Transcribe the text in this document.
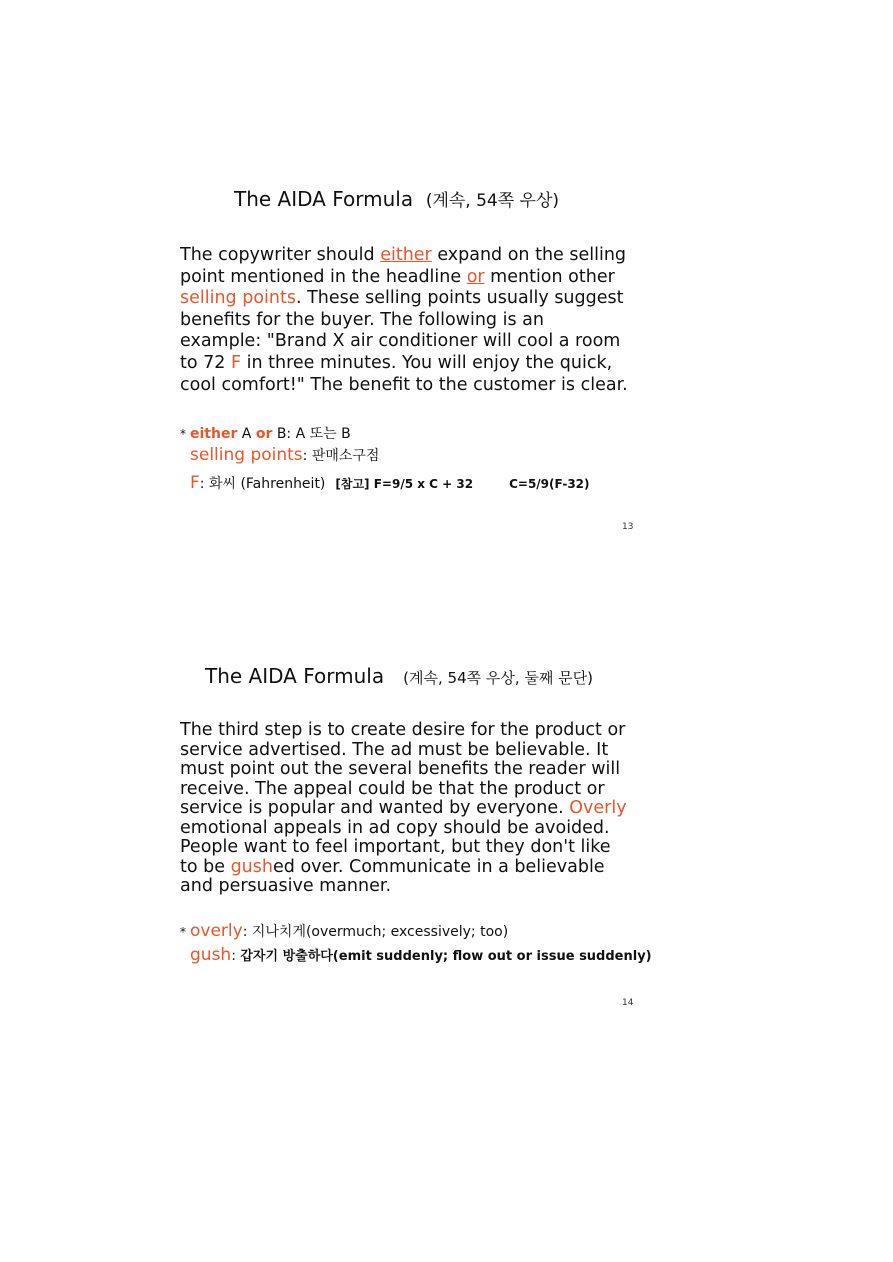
The AIDA Formula (계속, 54쪽 우상)
The copywriter should either expand on the selling point mentioned in the headline or mention other selling points. These selling points usually suggest benefits for the buyer. The following is an example: "Brand X air conditioner will cool a room to 72 F in three minutes. You will enjoy the quick, cool comfort!" The benefit to the customer is clear.
* either A or B: A 또는 B
selling points: 판매소구점
F: 화씨 (Fahrenheit) [참고] F=9/5 x C + 32	C=5/9(F-32)
13
The AIDA Formula (계속, 54쪽 우상, 둘째 문단)
The third step is to create desire for the product or service advertised. The ad must be believable. It must point out the several benefits the reader will receive. The appeal could be that the product or service is popular and wanted by everyone. Overly emotional appeals in ad copy should be avoided. People want to feel important, but they don't like to be gushed over. Communicate in a believable and persuasive manner.
* overly: 지나치게(overmuch; excessively; too)
gush: 갑자기 방출하다(emit suddenly; flow out or issue suddenly)
14
